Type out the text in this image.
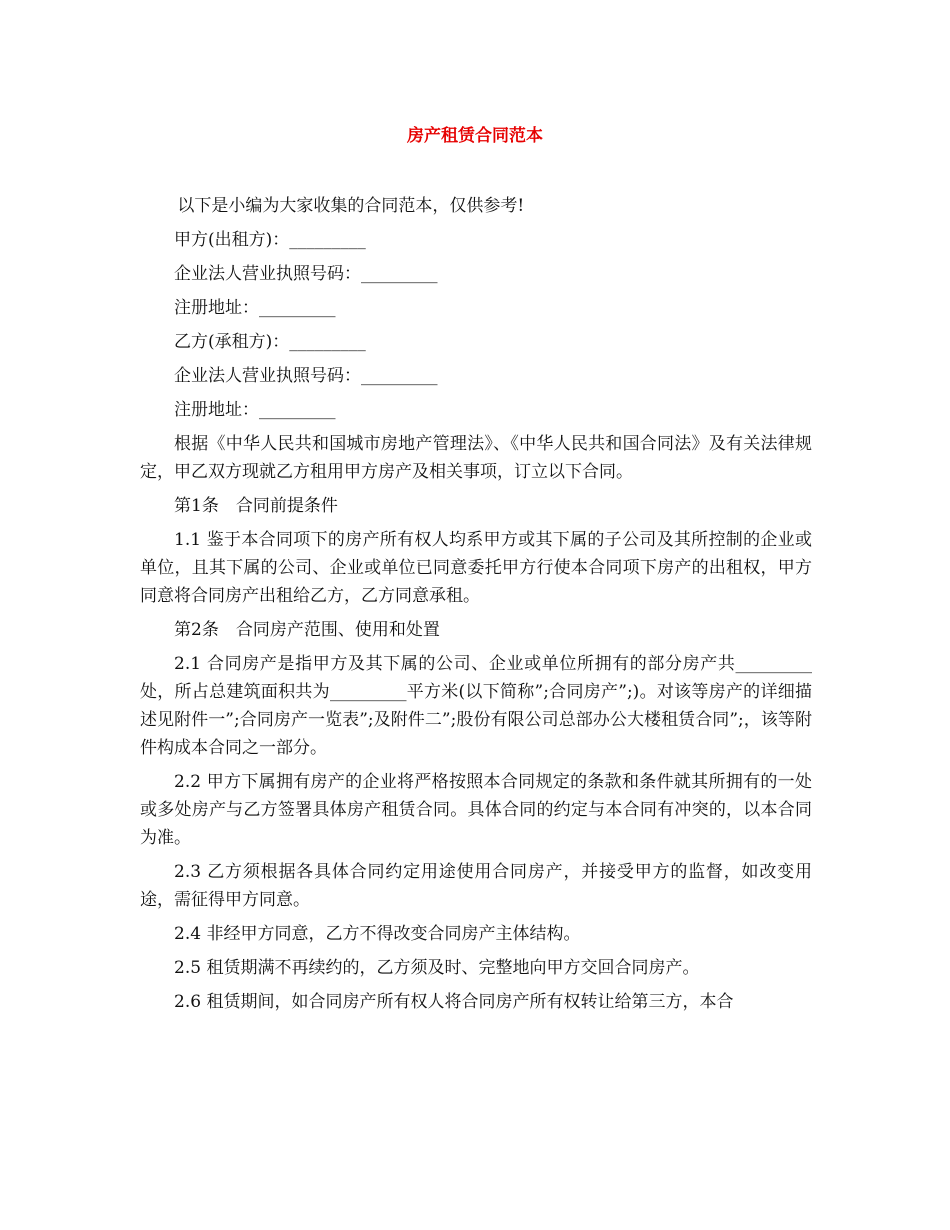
房产租赁合同范本

以下是小编为大家收集的合同范本，仅供参考!

甲方(出租方)：_________

企业法人营业执照号码：_________

注册地址：_________

乙方(承租方)：_________

企业法人营业执照号码：_________

注册地址：_________

根据《中华人民共和国城市房地产管理法》、《中华人民共和国合同法》及有关法律规定，甲乙双方现就乙方租用甲方房产及相关事项，订立以下合同。

第1条　合同前提条件

1.1 鉴于本合同项下的房产所有权人均系甲方或其下属的子公司及其所控制的企业或单位，且其下属的公司、企业或单位已同意委托甲方行使本合同项下房产的出租权，甲方同意将合同房产出租给乙方，乙方同意承租。

第2条　合同房产范围、使用和处置

2.1 合同房产是指甲方及其下属的公司、企业或单位所拥有的部分房产共_________处，所占总建筑面积共为_________平方米(以下简称”;合同房产”;)。对该等房产的详细描述见附件一”;合同房产一览表”;及附件二”;股份有限公司总部办公大楼租赁合同”;，该等附件构成本合同之一部分。

2.2 甲方下属拥有房产的企业将严格按照本合同规定的条款和条件就其所拥有的一处或多处房产与乙方签署具体房产租赁合同。具体合同的约定与本合同有冲突的，以本合同为准。

2.3 乙方须根据各具体合同约定用途使用合同房产，并接受甲方的监督，如改变用途，需征得甲方同意。

2.4 非经甲方同意，乙方不得改变合同房产主体结构。

2.5 租赁期满不再续约的，乙方须及时、完整地向甲方交回合同房产。

2.6 租赁期间，如合同房产所有权人将合同房产所有权转让给第三方，本合
